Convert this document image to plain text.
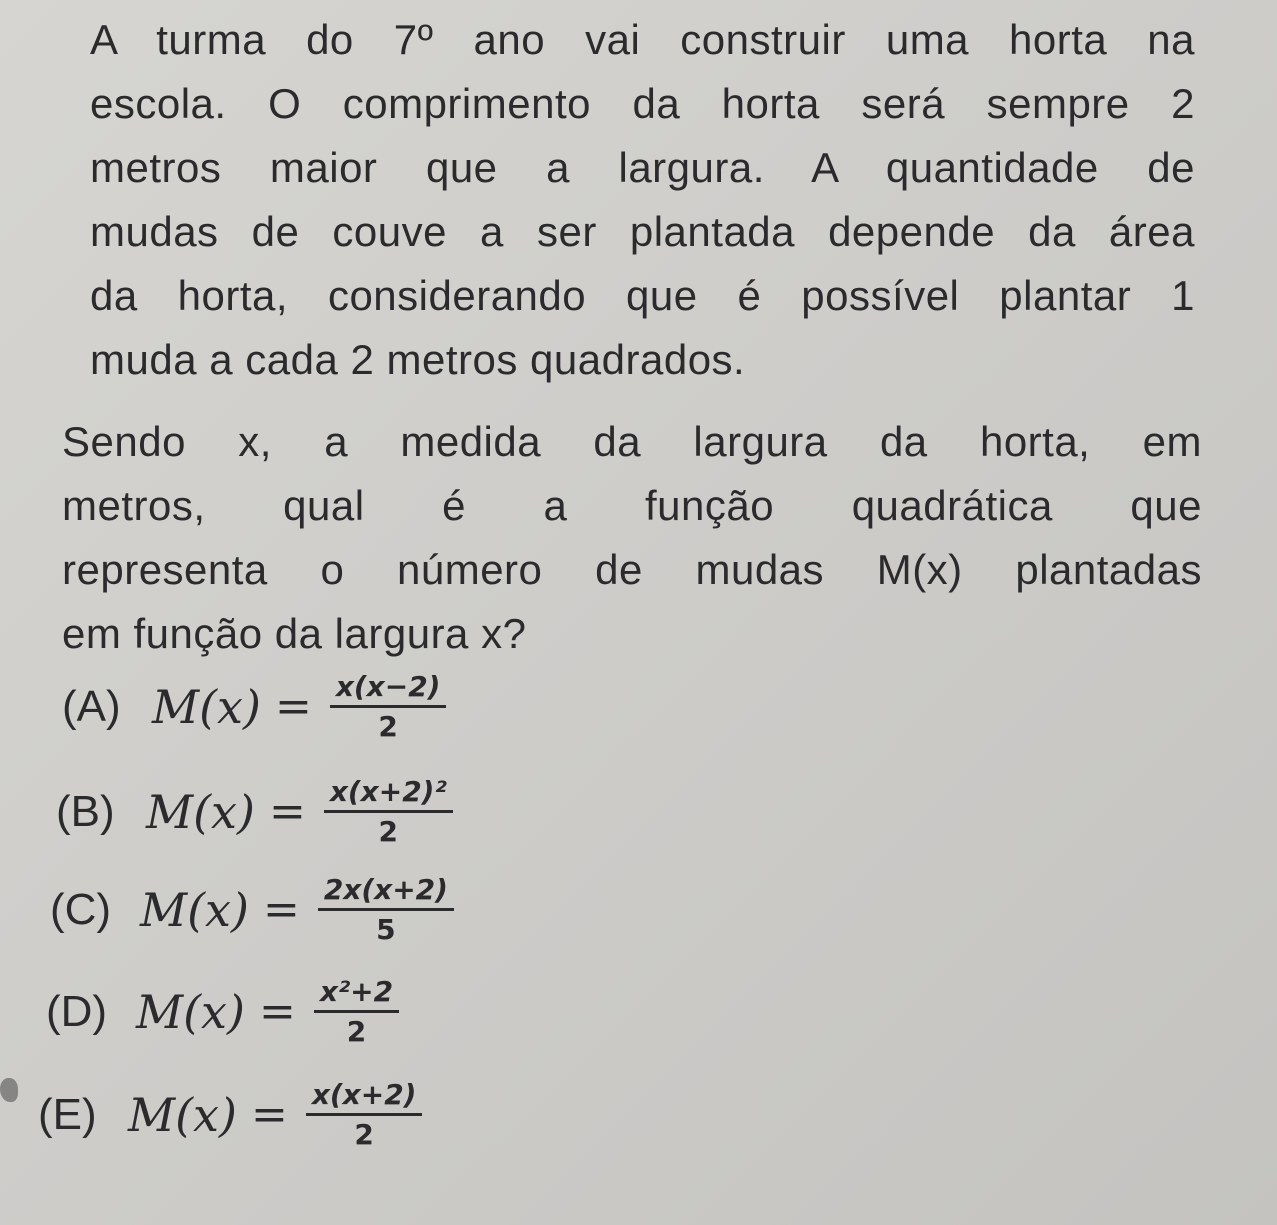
A turma do 7º ano vai construir uma horta na
escola. O comprimento da horta será sempre 2
metros maior que a largura. A quantidade de
mudas de couve a ser plantada depende da área
da horta, considerando que é possível plantar 1
muda a cada 2 metros quadrados.
Sendo x, a medida da largura da horta, em
metros, qual é a função quadrática que
representa o número de mudas M(x) plantadas
em função da largura x?
(A) $M(x) = \frac{x(x-2)}{2}$
(B) $M(x) = \frac{\text{x(x+2)²}}{2}$
(C) $M(x) = \frac{2x(x+2)}{5}$
(D) $M(x) = \frac{\text{x²+2}}{2}$
(E) $M(x) = \frac{x(x+2)}{2}$
